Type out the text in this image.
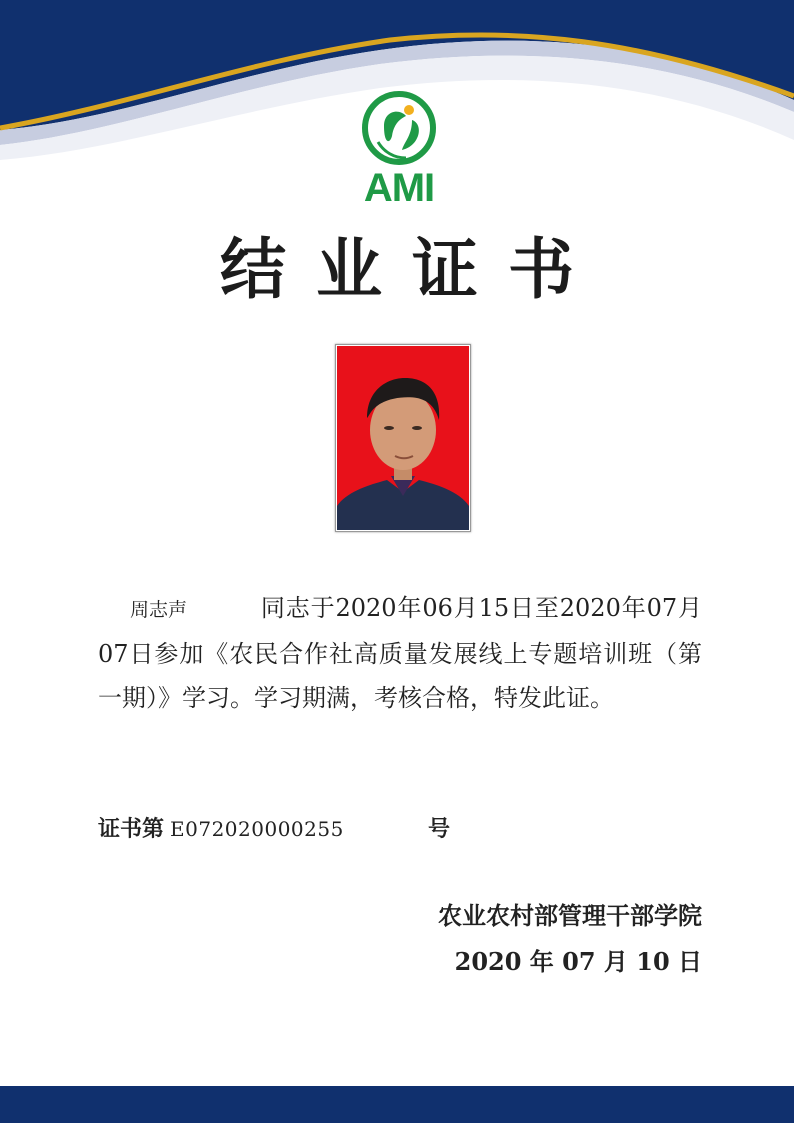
AMI
结业证书
周志声	同志于2020年06月15日至2020年07月07日参加《农民合作社高质量发展线上专题培训班（第一期）》学习。学习期满，考核合格，特发此证。
证书第 E072020000255	号
农业农村部管理干部学院
2020 年 07 月 10 日
